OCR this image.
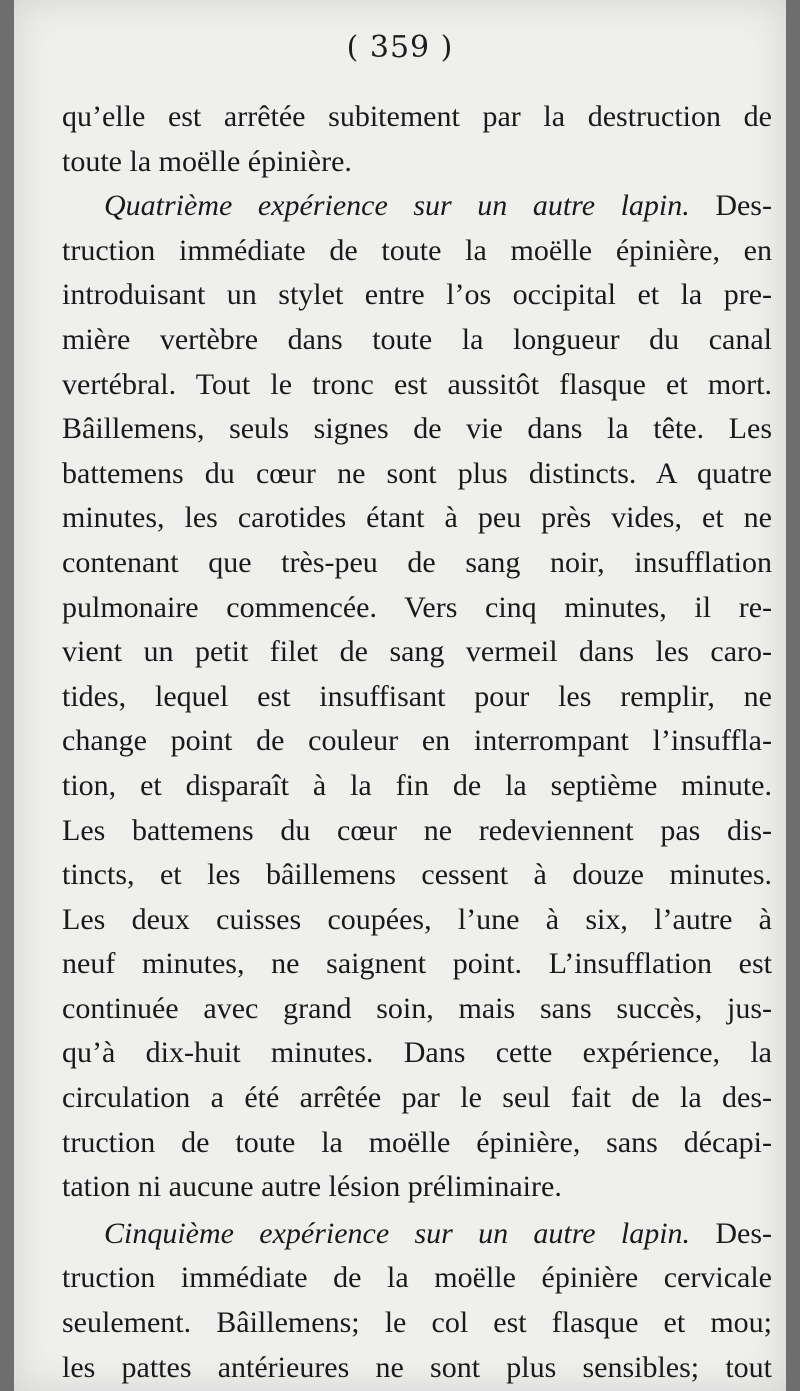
( 359 )
qu’elle est arrêtée subitement par la destruction de
toute la moëlle épinière.
Quatrième expérience sur un autre lapin. Des-
truction immédiate de toute la moëlle épinière, en
introduisant un stylet entre l’os occipital et la pre-
mière vertèbre dans toute la longueur du canal
vertébral. Tout le tronc est aussitôt flasque et mort.
Bâillemens, seuls signes de vie dans la tête. Les
battemens du cœur ne sont plus distincts. A quatre
minutes, les carotides étant à peu près vides, et ne
contenant que très-peu de sang noir, insufflation
pulmonaire commencée. Vers cinq minutes, il re-
vient un petit filet de sang vermeil dans les caro-
tides, lequel est insuffisant pour les remplir, ne
change point de couleur en interrompant l’insuffla-
tion, et disparaît à la fin de la septième minute.
Les battemens du cœur ne redeviennent pas dis-
tincts, et les bâillemens cessent à douze minutes.
Les deux cuisses coupées, l’une à six, l’autre à
neuf minutes, ne saignent point. L’insufflation est
continuée avec grand soin, mais sans succès, jus-
qu’à dix-huit minutes. Dans cette expérience, la
circulation a été arrêtée par le seul fait de la des-
truction de toute la moëlle épinière, sans décapi-
tation ni aucune autre lésion préliminaire.
Cinquième expérience sur un autre lapin. Des-
truction immédiate de la moëlle épinière cervicale
seulement. Bâillemens; le col est flasque et mou;
les pattes antérieures ne sont plus sensibles; tout
